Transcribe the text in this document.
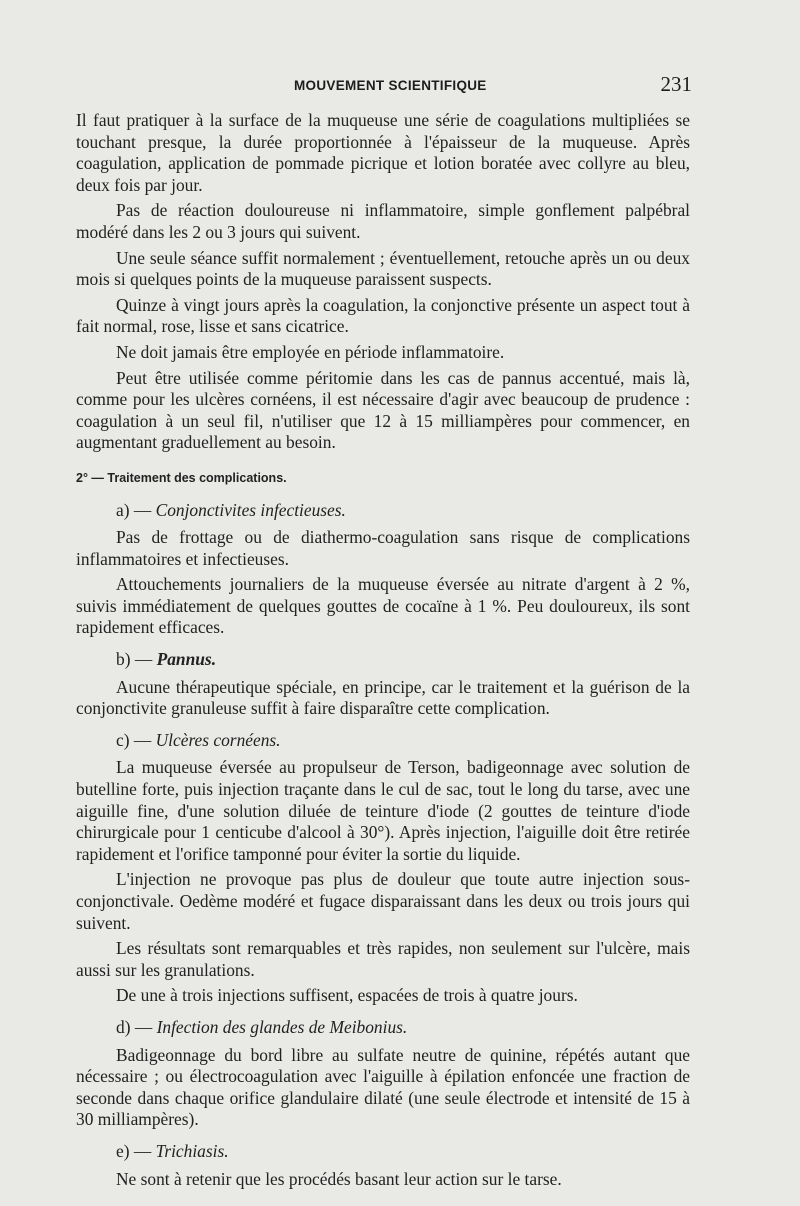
MOUVEMENT SCIENTIFIQUE	231

Il faut pratiquer à la surface de la muqueuse une série de coagulations multipliées se touchant presque, la durée proportionnée à l'épaisseur de la muqueuse. Après coagulation, application de pommade picrique et lotion boratée avec collyre au bleu, deux fois par jour.

Pas de réaction douloureuse ni inflammatoire, simple gonflement palpébral modéré dans les 2 ou 3 jours qui suivent.

Une seule séance suffit normalement ; éventuellement, retouche après un ou deux mois si quelques points de la muqueuse paraissent suspects.

Quinze à vingt jours après la coagulation, la conjonctive présente un aspect tout à fait normal, rose, lisse et sans cicatrice.

Ne doit jamais être employée en période inflammatoire.

Peut être utilisée comme péritomie dans les cas de pannus accentué, mais là, comme pour les ulcères cornéens, il est nécessaire d'agir avec beaucoup de prudence : coagulation à un seul fil, n'utiliser que 12 à 15 milliampères pour commencer, en augmentant graduellement au besoin.

2° — Traitement des complications.
a) — Conjonctivites infectieuses.

Pas de frottage ou de diathermo-coagulation sans risque de complications inflammatoires et infectieuses.

Attouchements journaliers de la muqueuse éversée au nitrate d'argent à 2 %, suivis immédiatement de quelques gouttes de cocaïne à 1 %. Peu douloureux, ils sont rapidement efficaces.

b) — Pannus.

Aucune thérapeutique spéciale, en principe, car le traitement et la guérison de la conjonctivite granuleuse suffit à faire disparaître cette complication.

c) — Ulcères cornéens.

La muqueuse éversée au propulseur de Terson, badigeonnage avec solution de butelline forte, puis injection traçante dans le cul de sac, tout le long du tarse, avec une aiguille fine, d'une solution diluée de teinture d'iode (2 gouttes de teinture d'iode chirurgicale pour 1 centicube d'alcool à 30°). Après injection, l'aiguille doit être retirée rapidement et l'orifice tamponné pour éviter la sortie du liquide.

L'injection ne provoque pas plus de douleur que toute autre injection sous-conjonctivale. Oedème modéré et fugace disparaissant dans les deux ou trois jours qui suivent.

Les résultats sont remarquables et très rapides, non seulement sur l'ulcère, mais aussi sur les granulations.

De une à trois injections suffisent, espacées de trois à quatre jours.

d) — Infection des glandes de Meibonius.

Badigeonnage du bord libre au sulfate neutre de quinine, répétés autant que nécessaire ; ou électrocoagulation avec l'aiguille à épilation enfoncée une fraction de seconde dans chaque orifice glandulaire dilaté (une seule électrode et intensité de 15 à 30 milliampères).

e) — Trichiasis.

Ne sont à retenir que les procédés basant leur action sur le tarse.
